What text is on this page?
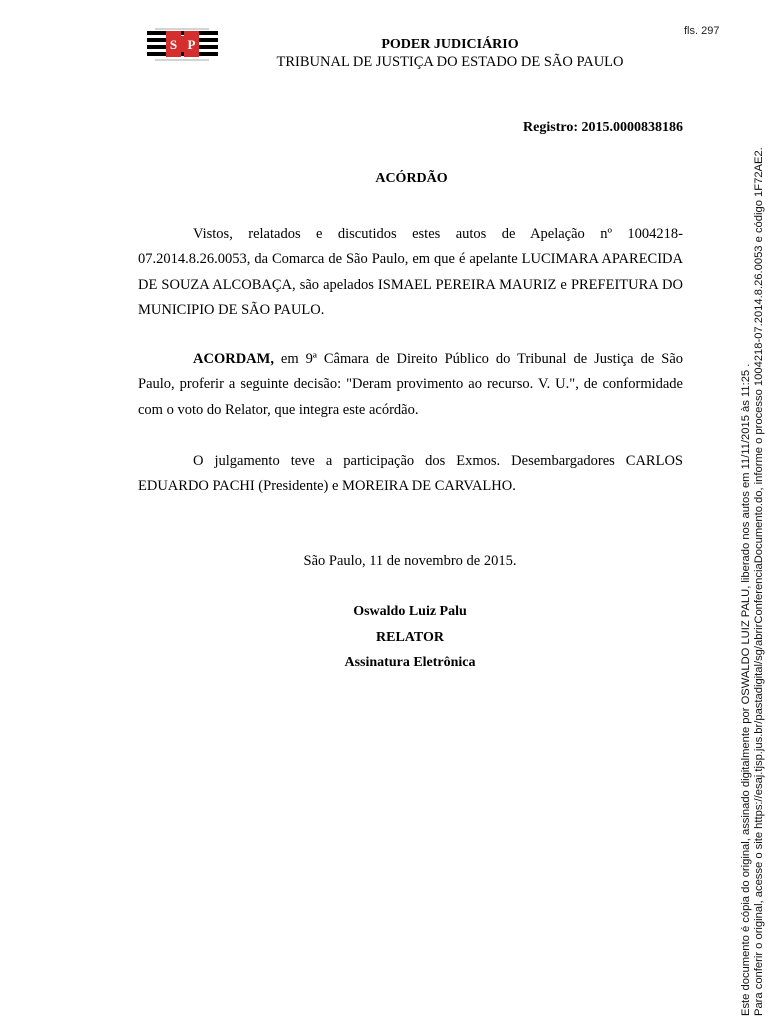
fls. 297
S P	PODER JUDICIÁRIO
TRIBUNAL DE JUSTIÇA DO ESTADO DE SÃO PAULO
Registro: 2015.0000838186
ACÓRDÃO

Vistos, relatados e discutidos estes autos de Apelação nº 1004218-07.2014.8.26.0053, da Comarca de São Paulo, em que é apelante LUCIMARA APARECIDA DE SOUZA ALCOBAÇA, são apelados ISMAEL PEREIRA MAURIZ e PREFEITURA DO MUNICIPIO DE SÃO PAULO.

ACORDAM, em 9ª Câmara de Direito Público do Tribunal de Justiça de São Paulo, proferir a seguinte decisão: "Deram provimento ao recurso. V. U.", de conformidade com o voto do Relator, que integra este acórdão.

O julgamento teve a participação dos Exmos. Desembargadores CARLOS EDUARDO PACHI (Presidente) e MOREIRA DE CARVALHO.

São Paulo, 11 de novembro de 2015.
Oswaldo Luiz Palu
RELATOR
Assinatura Eletrônica	Este documento é cópia do original, assinado digitalmente por OSWALDO LUIZ PALU, liberado nos autos em 11/11/2015 às 11:25 . Para conferir o original, acesse o site https://esaj.tjsp.jus.br/pastadigital/sg/abrirConferenciaDocumento.do, informe o processo 1004218-07.2014.8.26.0053 e código 1F72AE2.
